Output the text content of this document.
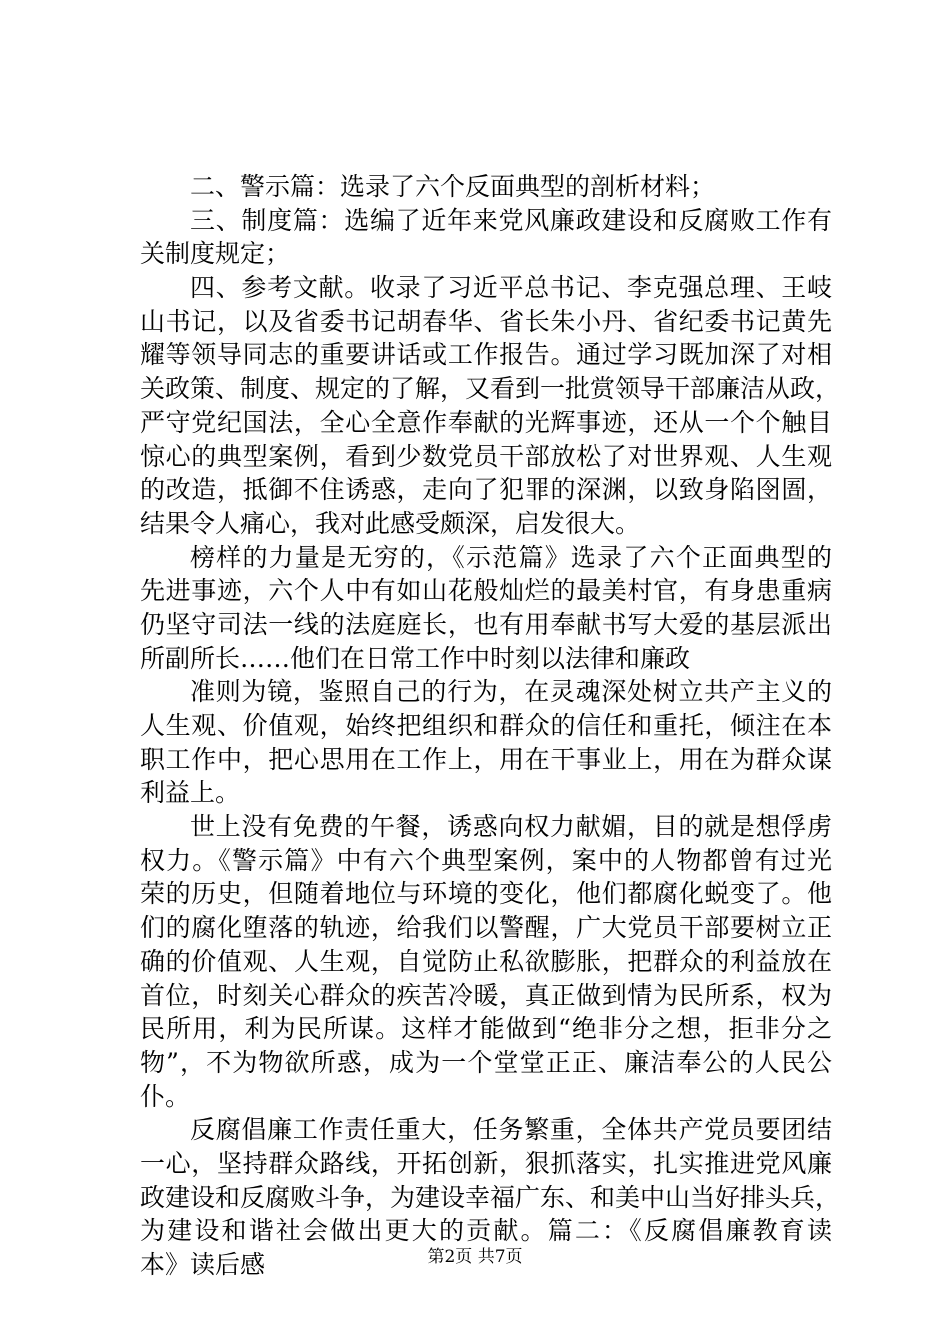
二、警示篇：选录了六个反面典型的剖析材料；
三、制度篇：选编了近年来党风廉政建设和反腐败工作有
关制度规定；
四、参考文献。收录了习近平总书记、李克强总理、王岐
山书记，以及省委书记胡春华、省长朱小丹、省纪委书记黄先
耀等领导同志的重要讲话或工作报告。通过学习既加深了对相
关政策、制度、规定的了解，又看到一批赏领导干部廉洁从政，
严守党纪国法，全心全意作奉献的光辉事迹，还从一个个触目
惊心的典型案例，看到少数党员干部放松了对世界观、人生观
的改造，抵御不住诱惑，走向了犯罪的深渊，以致身陷囹圄，
结果令人痛心，我对此感受颇深，启发很大。
榜样的力量是无穷的，《示范篇》选录了六个正面典型的
先进事迹，六个人中有如山花般灿烂的最美村官，有身患重病
仍坚守司法一线的法庭庭长，也有用奉献书写大爱的基层派出
所副所长……他们在日常工作中时刻以法律和廉政
准则为镜，鉴照自己的行为，在灵魂深处树立共产主义的
人生观、价值观，始终把组织和群众的信任和重托，倾注在本
职工作中，把心思用在工作上，用在干事业上，用在为群众谋
利益上。
世上没有免费的午餐，诱惑向权力献媚，目的就是想俘虏
权力。《警示篇》中有六个典型案例，案中的人物都曾有过光
荣的历史，但随着地位与环境的变化，他们都腐化蜕变了。他
们的腐化堕落的轨迹，给我们以警醒，广大党员干部要树立正
确的价值观、人生观，自觉防止私欲膨胀，把群众的利益放在
首位，时刻关心群众的疾苦冷暖，真正做到情为民所系，权为
民所用，利为民所谋。这样才能做到“绝非分之想，拒非分之
物”，不为物欲所惑，成为一个堂堂正正、廉洁奉公的人民公
仆。
反腐倡廉工作责任重大，任务繁重，全体共产党员要团结
一心，坚持群众路线，开拓创新，狠抓落实，扎实推进党风廉
政建设和反腐败斗争，为建设幸福广东、和美中山当好排头兵，
为建设和谐社会做出更大的贡献。篇二：《反腐倡廉教育读
本》读后感	第2页 共7页
